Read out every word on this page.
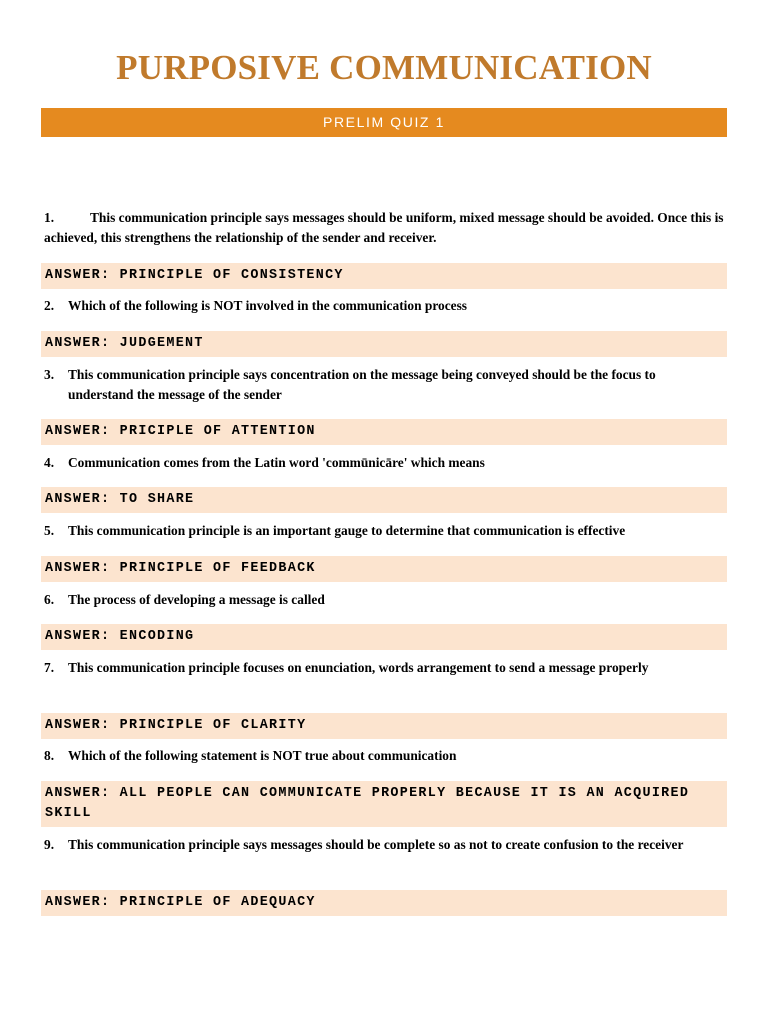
PURPOSIVE COMMUNICATION
PRELIM QUIZ 1
1.	This communication principle says messages should be uniform, mixed message should be avoided. Once this is achieved, this strengthens the relationship of the sender and receiver.
ANSWER: PRINCIPLE OF CONSISTENCY
2.	Which of the following is NOT involved in the communication process
ANSWER: JUDGEMENT
3.	This communication principle says concentration on the message being conveyed should be the focus to understand the message of the sender
ANSWER: PRICIPLE OF ATTENTION
4.	Communication comes from the Latin word 'commūnicāre' which means
ANSWER: TO SHARE
5.	This communication principle is an important gauge to determine that communication is effective
ANSWER: PRINCIPLE OF FEEDBACK
6.	The process of developing a message is called
ANSWER: ENCODING
7.	This communication principle focuses on enunciation, words arrangement to send a message properly
ANSWER: PRINCIPLE OF CLARITY
8.	Which of the following statement is NOT true about communication
ANSWER: ALL PEOPLE CAN COMMUNICATE PROPERLY BECAUSE IT IS AN ACQUIRED SKILL
9.	This communication principle says messages should be complete so as not to create confusion to the receiver
ANSWER: PRINCIPLE OF ADEQUACY
